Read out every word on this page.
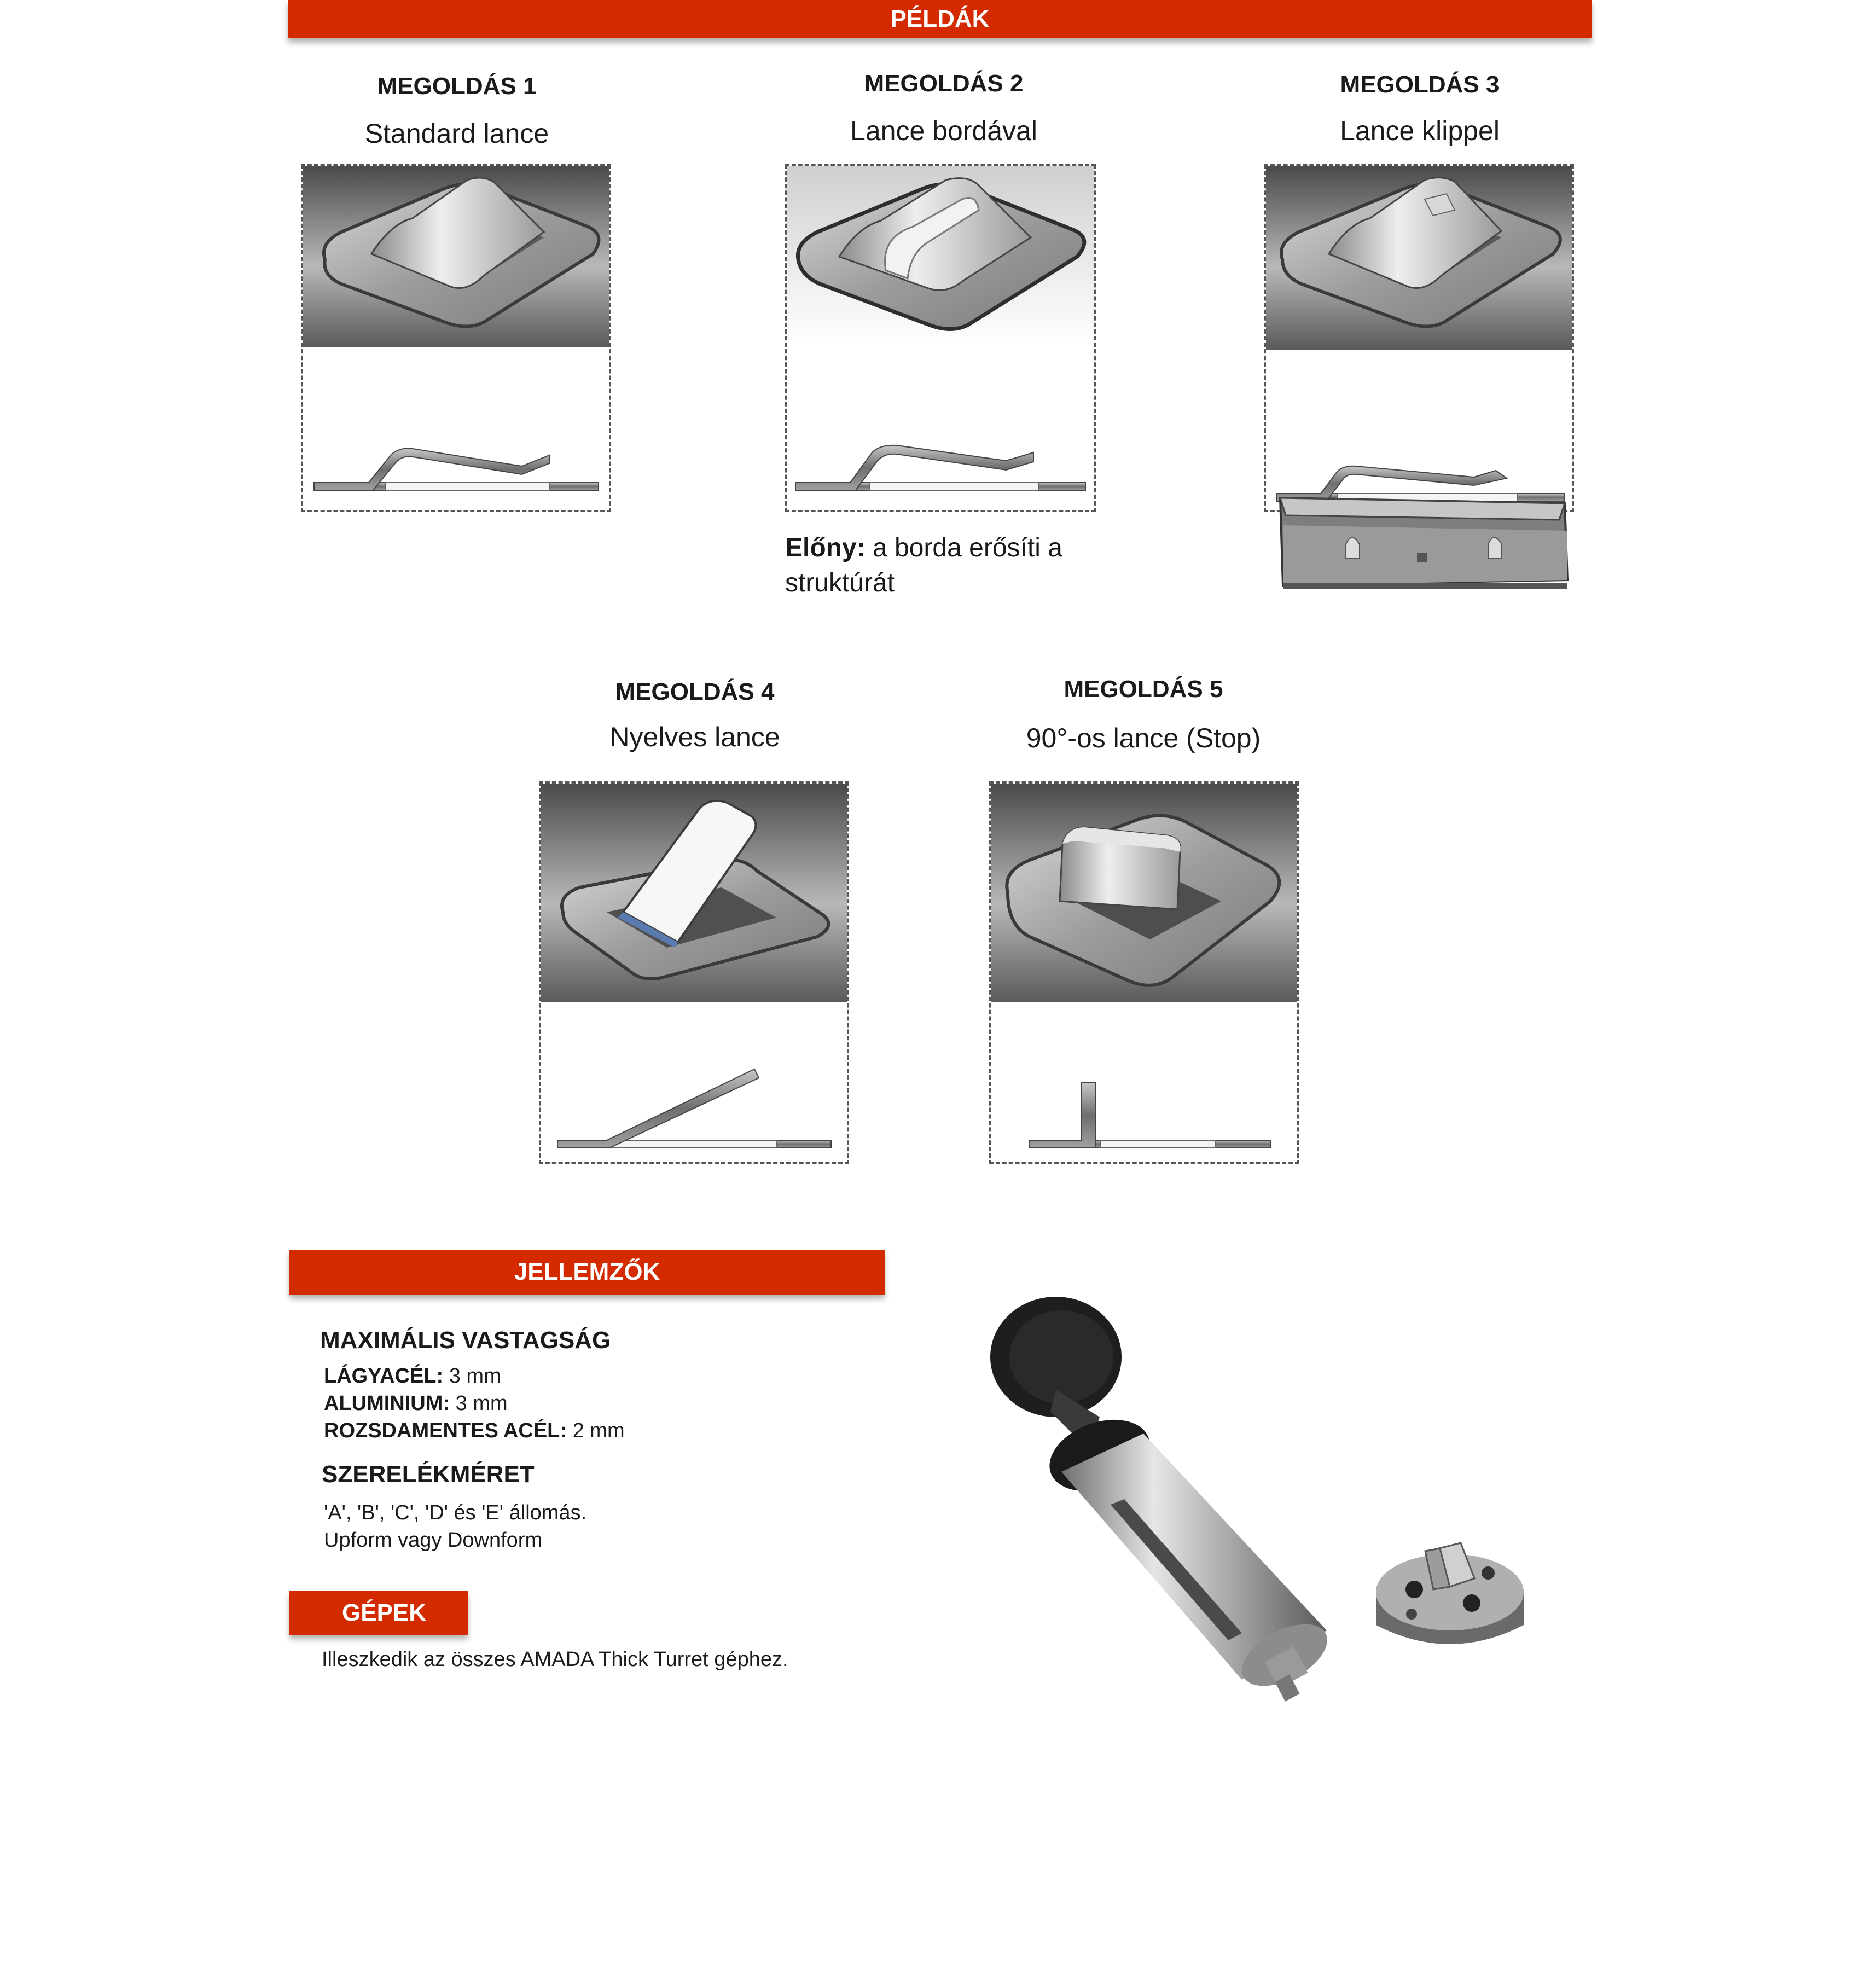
PÉLDÁK
MEGOLDÁS 1
Standard lance
MEGOLDÁS 2
Lance bordával
Előny: a borda erősíti a
struktúrát
MEGOLDÁS 3
Lance klippel
MEGOLDÁS 4
Nyelves lance
MEGOLDÁS 5
90°-os lance (Stop)
JELLEMZŐK
MAXIMÁLIS VASTAGSÁG
LÁGYACÉL: 3 mm
ALUMINIUM: 3 mm
ROZSDAMENTES ACÉL: 2 mm
SZERELÉKMÉRET
'A', 'B', 'C', 'D' és 'E' állomás.
Upform vagy Downform
GÉPEK
Illeszkedik az összes AMADA Thick Turret géphez.
